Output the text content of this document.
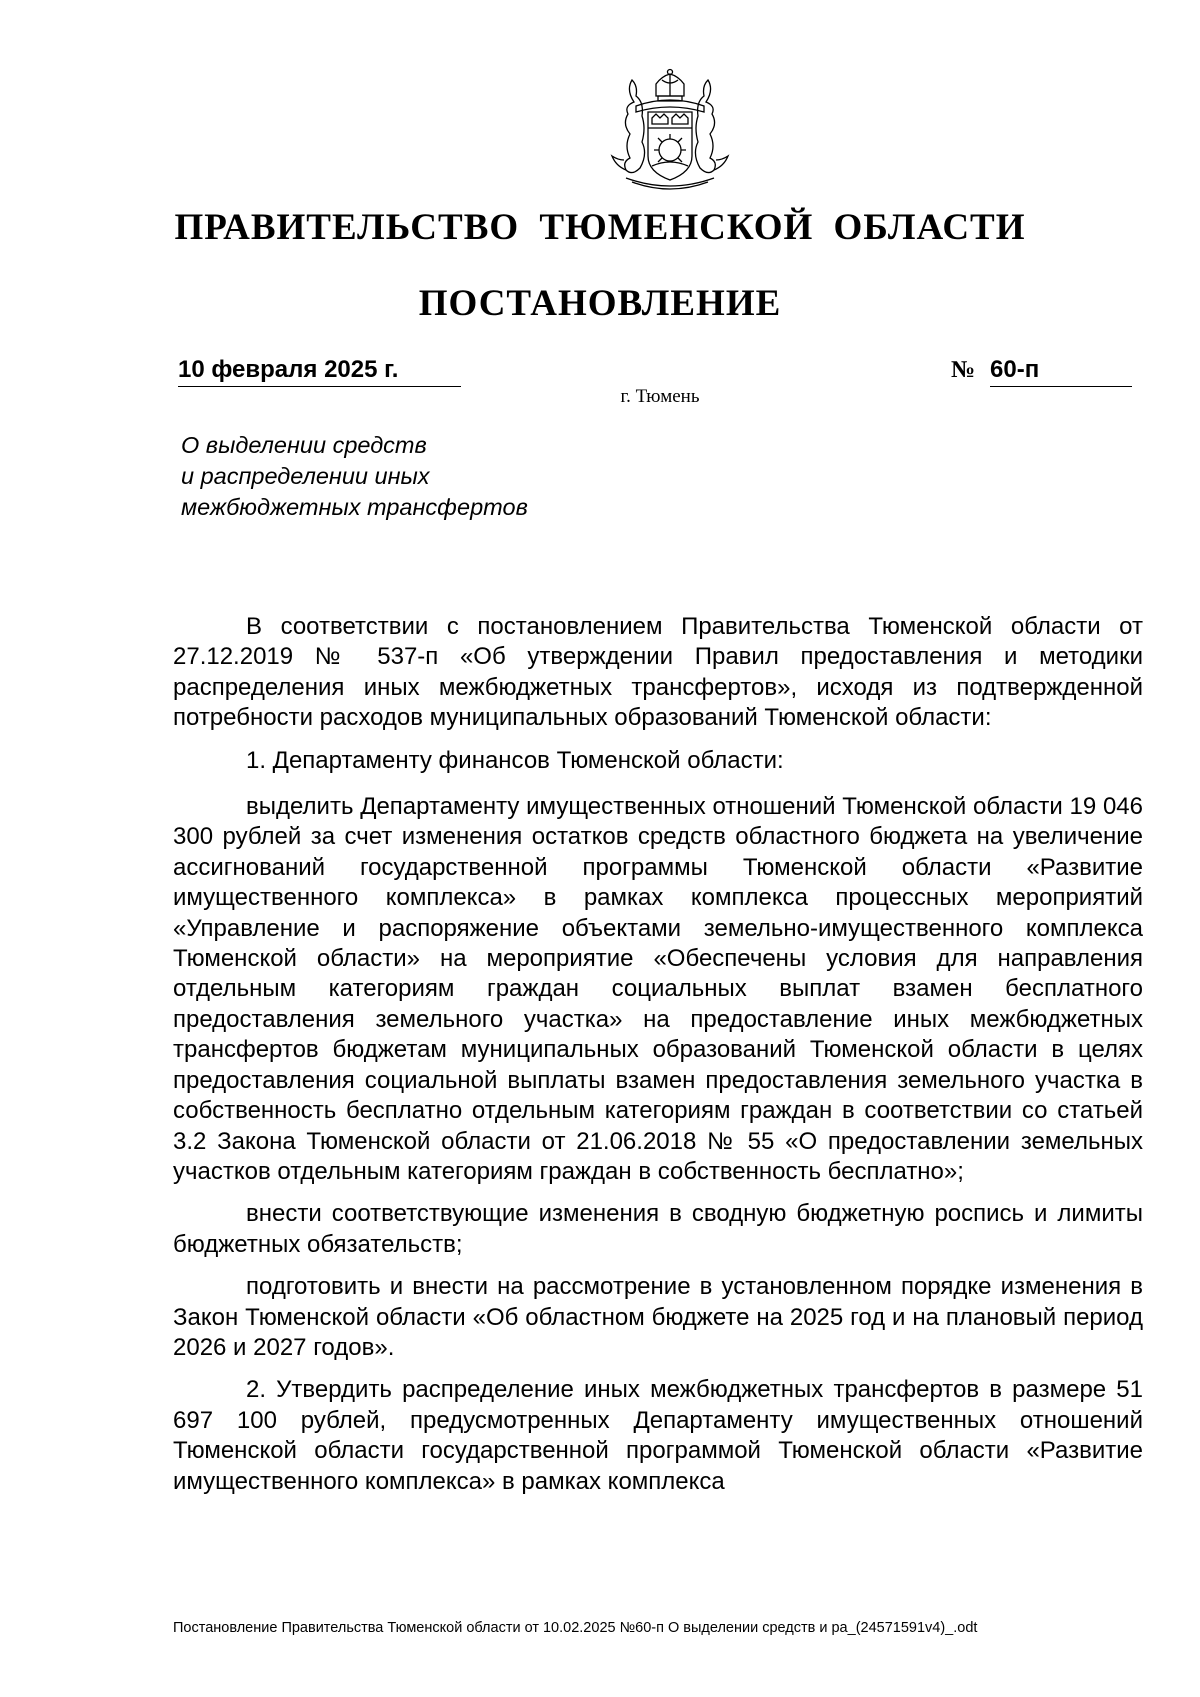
ПРАВИТЕЛЬСТВО ТЮМЕНСКОЙ ОБЛАСТИ
ПОСТАНОВЛЕНИЕ
10 февраля 2025 г.	№ 60-п

г. Тюмень

О выделении средств
и распределении иных
межбюджетных трансфертов

В соответствии с постановлением Правительства Тюменской области от 27.12.2019 № 537-п «Об утверждении Правил предоставления и методики распределения иных межбюджетных трансфертов», исходя из подтвержденной потребности расходов муниципальных образований Тюменской области:

1. Департаменту финансов Тюменской области:

выделить Департаменту имущественных отношений Тюменской области 19 046 300 рублей за счет изменения остатков средств областного бюджета на увеличение ассигнований государственной программы Тюменской области «Развитие имущественного комплекса» в рамках комплекса процессных мероприятий «Управление и распоряжение объектами земельно-имущественного комплекса Тюменской области» на мероприятие «Обеспечены условия для направления отдельным категориям граждан социальных выплат взамен бесплатного предоставления земельного участка» на предоставление иных межбюджетных трансфертов бюджетам муниципальных образований Тюменской области в целях предоставления социальной выплаты взамен предоставления земельного участка в собственность бесплатно отдельным категориям граждан в соответствии со статьей 3.2 Закона Тюменской области от 21.06.2018 № 55 «О предоставлении земельных участков отдельным категориям граждан в собственность бесплатно»;

внести соответствующие изменения в сводную бюджетную роспись и лимиты бюджетных обязательств;

подготовить и внести на рассмотрение в установленном порядке изменения в Закон Тюменской области «Об областном бюджете на 2025 год и на плановый период 2026 и 2027 годов».

2. Утвердить распределение иных межбюджетных трансфертов в размере 51 697 100 рублей, предусмотренных Департаменту имущественных отношений Тюменской области государственной программой Тюменской области «Развитие имущественного комплекса» в рамках комплекса

Постановление Правительства Тюменской области от 10.02.2025 №60-п О выделении средств и ра_(24571591v4)_.odt
